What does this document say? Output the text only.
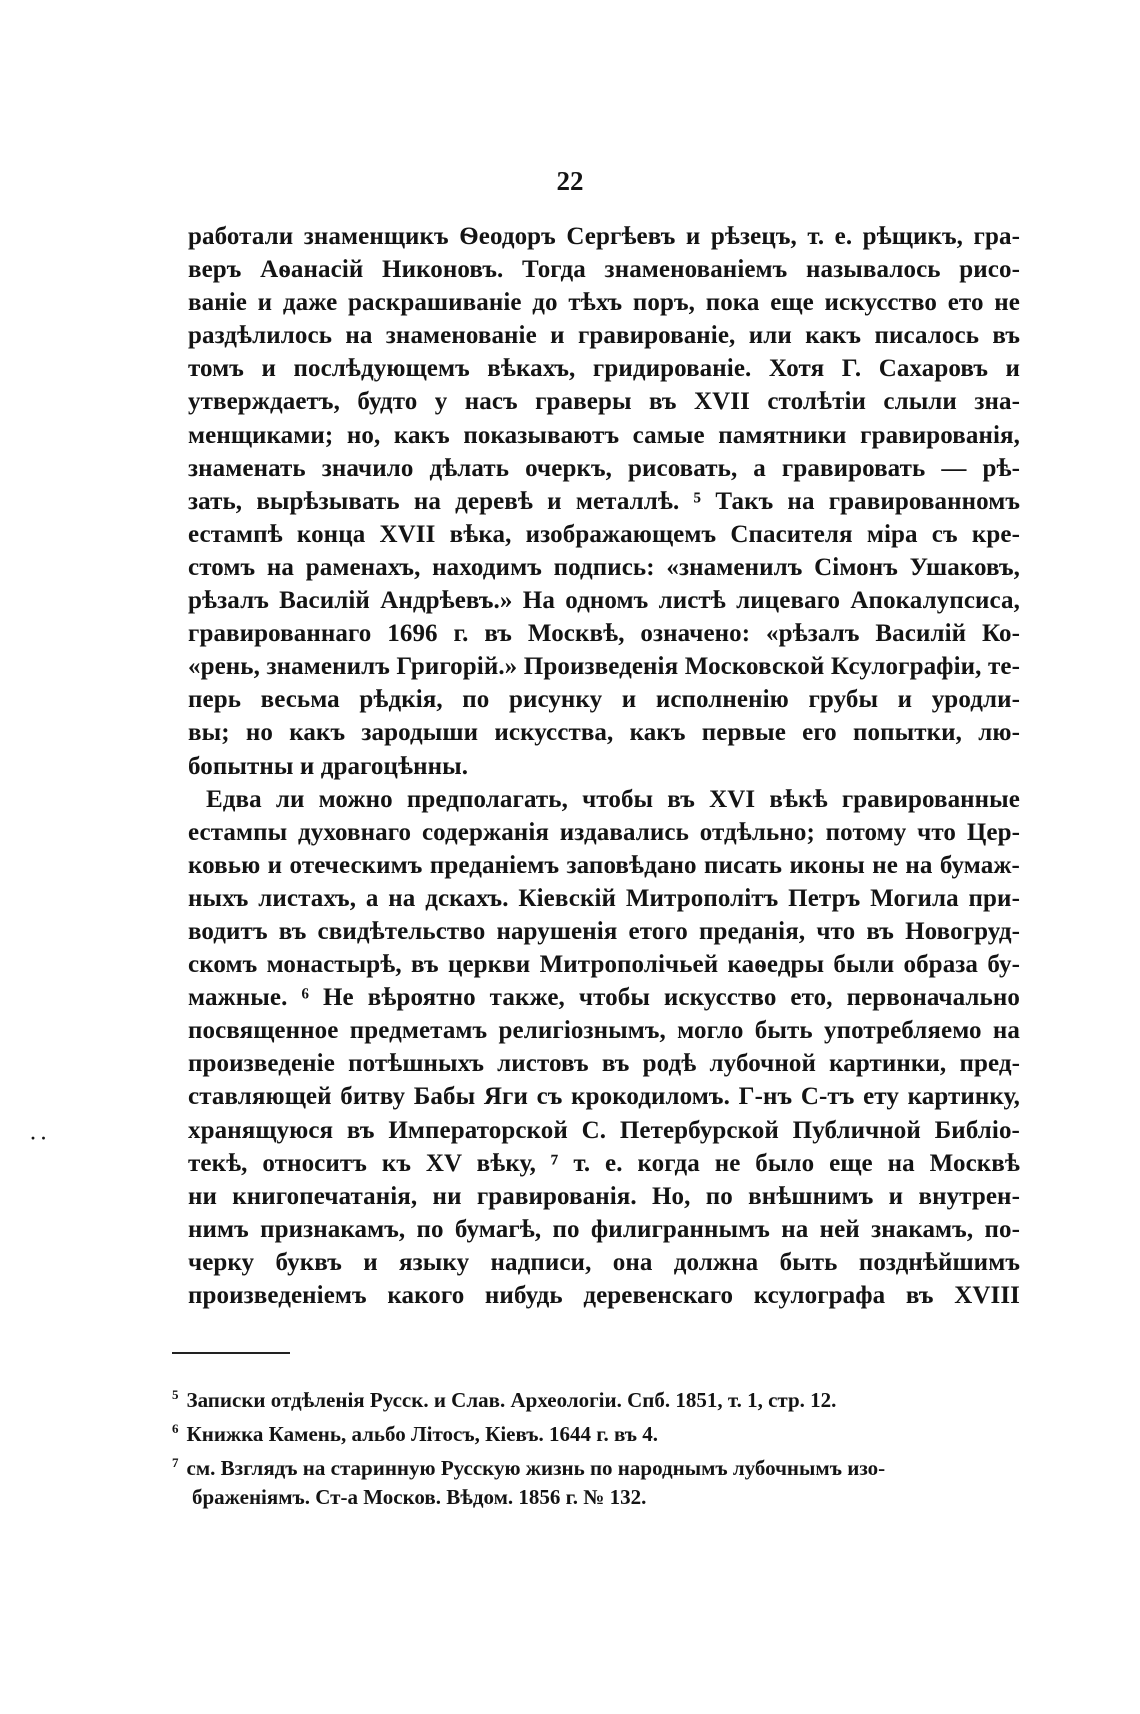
22
работали знаменщикъ Ѳеодоръ Сергѣевъ и рѣзецъ, т. е. рѣщикъ, гра-
веръ Аѳанасій Никоновъ. Тогда знаменованіемъ называлось рисо-
ваніе и даже раскрашиваніе до тѣхъ поръ, пока еще искусство ето не
раздѣлилось на знаменованіе и гравированіе, или какъ писалось въ
томъ и послѣдующемъ вѣкахъ, гридированіе. Хотя Г. Сахаровъ и
утверждаетъ, будто у насъ граверы въ XVII столѣтіи слыли зна-
менщиками; но, какъ показываютъ самые памятники гравированія,
знаменать значило дѣлать очеркъ, рисовать, а гравировать — рѣ-
зать, вырѣзывать на деревѣ и металлѣ. ⁵ Такъ на гравированномъ
естампѣ конца XVII вѣка, изображающемъ Спасителя міра съ кре-
стомъ на раменахъ, находимъ подпись: «знаменилъ Сімонъ Ушаковъ,
рѣзалъ Василій Андрѣевъ.» На одномъ листѣ лицеваго Апокалупсиса,
гравированнаго 1696 г. въ Москвѣ, означено: «рѣзалъ Василій Ко-
«рень, знаменилъ Григорій.» Произведенія Московской Ксулографіи, те-
перь весьма рѣдкія, по рисунку и исполненію грубы и уродли-
вы; но какъ зародыши искусства, какъ первые его попытки, лю-
бопытны и драгоцѣнны.
Едва ли можно предполагать, чтобы въ XVI вѣкѣ гравированные
естампы духовнаго содержанія издавались отдѣльно; потому что Цер-
ковью и отеческимъ преданіемъ заповѣдано писать иконы не на бумаж-
ныхъ листахъ, а на дскахъ. Кіевскій Митрополітъ Петръ Могила при-
водитъ въ свидѣтельство нарушенія етого преданія, что въ Новогруд-
скомъ монастырѣ, въ церкви Митрополічьей каѳедры были образа бу-
мажные. ⁶ Не вѣроятно также, чтобы искусство ето, первоначально
посвященное предметамъ религіознымъ, могло быть употребляемо на
произведеніе потѣшныхъ листовъ въ родѣ лубочной картинки, пред-
ставляющей битву Бабы Яги съ крокодиломъ. Г-нъ С-тъ ету картинку,
хранящуюся въ Императорской С. Петербурской Публичной Библіо-
текѣ, относитъ къ XV вѣку, ⁷ т. е. когда не было еще на Москвѣ
ни книгопечатанія, ни гравированія. Но, по внѣшнимъ и внутрен-
нимъ признакамъ, по бумагѣ, по филиграннымъ на ней знакамъ, по-
черку буквъ и языку надписи, она должна быть позднѣйшимъ
произведеніемъ какого нибудь деревенскаго ксулографа въ XVIII
· ·
$^5$ Записки отдѣленія Русск. и Слав. Археологіи. Спб. 1851, т. 1, стр. 12.
$^6$ Книжка Камень, альбо Літосъ, Кіевъ. 1644 г. въ 4.
$^7$ см. Взглядъ на старинную Русскую жизнь по народнымъ лубочнымъ изо-
браженіямъ. Ст-а Москов. Вѣдом. 1856 г. № 132.
